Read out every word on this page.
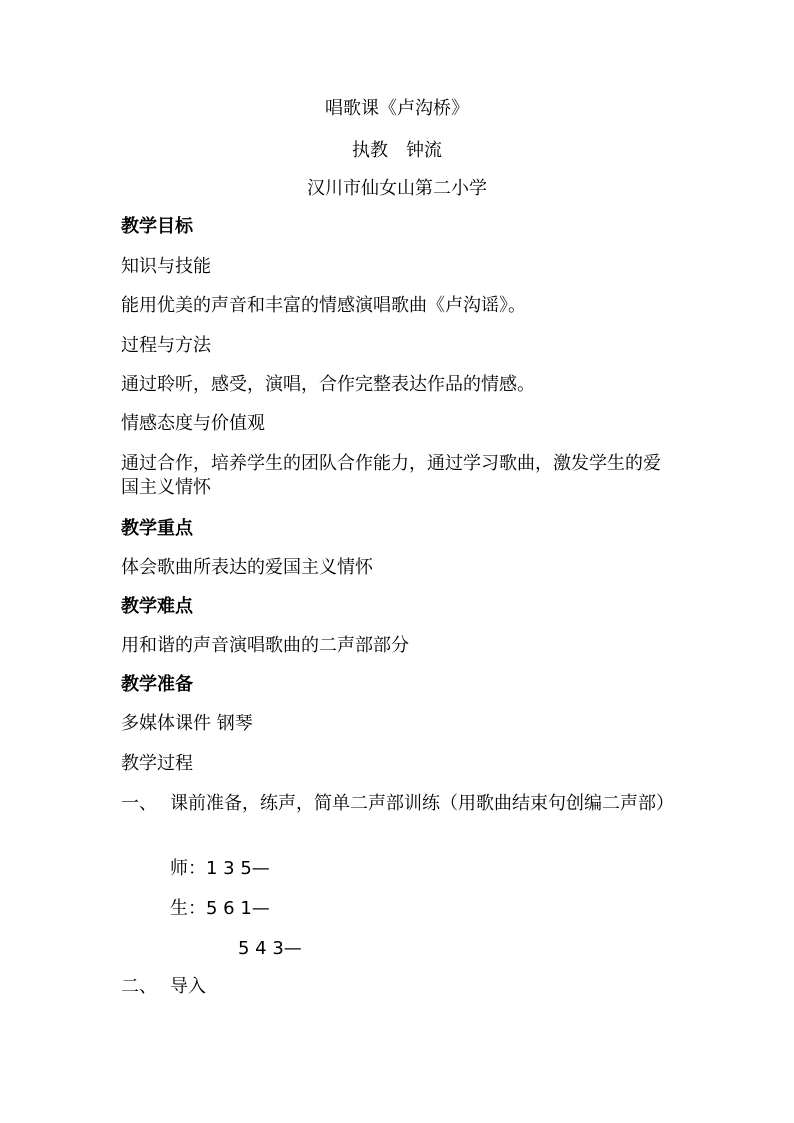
唱歌课《卢沟桥》
执教　钟流
汉川市仙女山第二小学
教学目标
知识与技能
能用优美的声音和丰富的情感演唱歌曲《卢沟谣》。
过程与方法
通过聆听，感受，演唱，合作完整表达作品的情感。
情感态度与价值观
通过合作，培养学生的团队合作能力，通过学习歌曲，激发学生的爱国主义情怀
教学重点
体会歌曲所表达的爱国主义情怀
教学难点
用和谐的声音演唱歌曲的二声部部分
教学准备
多媒体课件 钢琴
教学过程
一、 课前准备，练声，简单二声部训练（用歌曲结束句创编二声部）
师：1 3 5—
生：5 6 1—
5 4 3—
二、 导入
